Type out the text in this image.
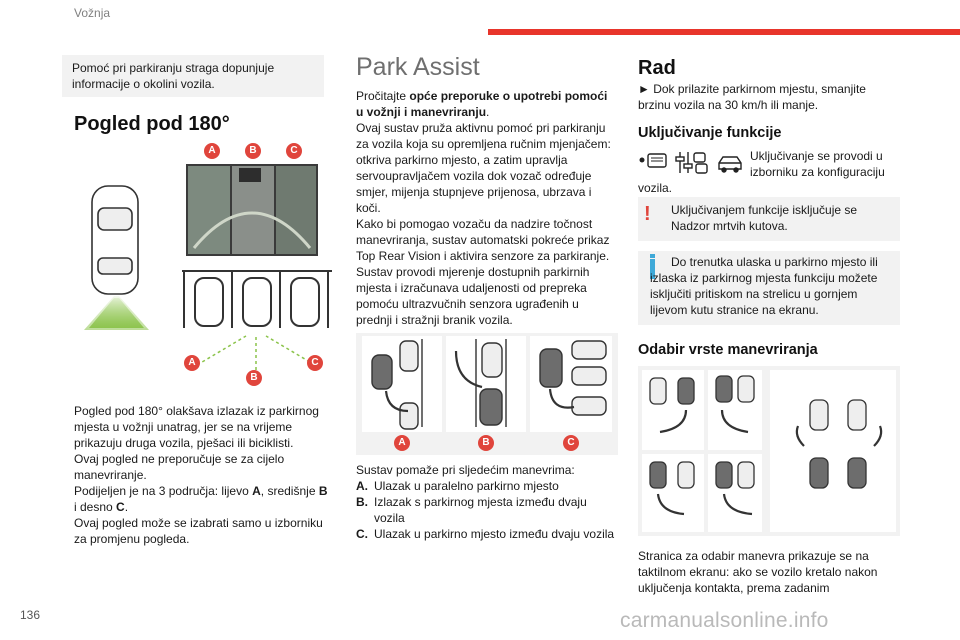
Vožnja
136	carmanualsonline.info
Pomoć pri parkiranju straga dopunjuje informacije o okolini vozila.
Pogled pod 180°
A	B	C
A
B
C

Pogled pod 180° olakšava izlazak iz parkirnog

mjesta u vožnji unatrag, jer se na vrijeme

prikazuju druga vozila, pješaci ili biciklisti.

Ovaj pogled ne preporučuje se za cijelo

manevriranje.

Podijeljen je na 3 područja: lijevo A, središnje B

i desno C.

Ovaj pogled može se izabrati samo u izborniku

za promjenu pogleda.

Park Assist

Pročitajte opće preporuke o upotrebi pomoći u vožnji i manevriranju.

Ovaj sustav pruža aktivnu pomoć pri parkiranju za vozila koja su opremljena ručnim mjenjačem: otkriva parkirno mjesto, a zatim upravlja servoupravljačem vozila dok vozač određuje smjer, mijenja stupnjeve prijenosa, ubrzava i koči.

Kako bi pomogao vozaču da nadzire točnost manevriranja, sustav automatski pokreće prikaz Top Rear Vision i aktivira senzore za parkiranje.

Sustav provodi mjerenje dostupnih parkirnih mjesta i izračunava udaljenosti od prepreka pomoću ultrazvučnih senzora ugrađenih u prednji i stražnji branik vozila.

A	B	C

Sustav pomaže pri sljedećim manevrima:

A. Ulazak u paralelno parkirno mjesto
B. Izlazak s parkirnog mjesta između dvaju vozila
C. Ulazak u parkirno mjesto između dvaju vozila
Rad

► Dok prilazite parkirnom mjestu, smanjite brzinu vozila na 30 km/h ili manje.

Uključivanje funkcije

Uključivanje se provodi u

izborniku za konfiguraciju

vozila.

! Uključivanjem funkcije isključuje se Nadzor mrtvih kutova.

Do trenutka ulaska u parkirno mjesto ili izlaska iz parkirnog mjesta funkciju možete isključiti pritiskom na strelicu u gornjem lijevom kutu stranice na ekranu.

Odabir vrste manevriranja

Stranica za odabir manevra prikazuje se na taktilnom ekranu: ako se vozilo kretalo nakon uključenja kontakta, prema zadanim
